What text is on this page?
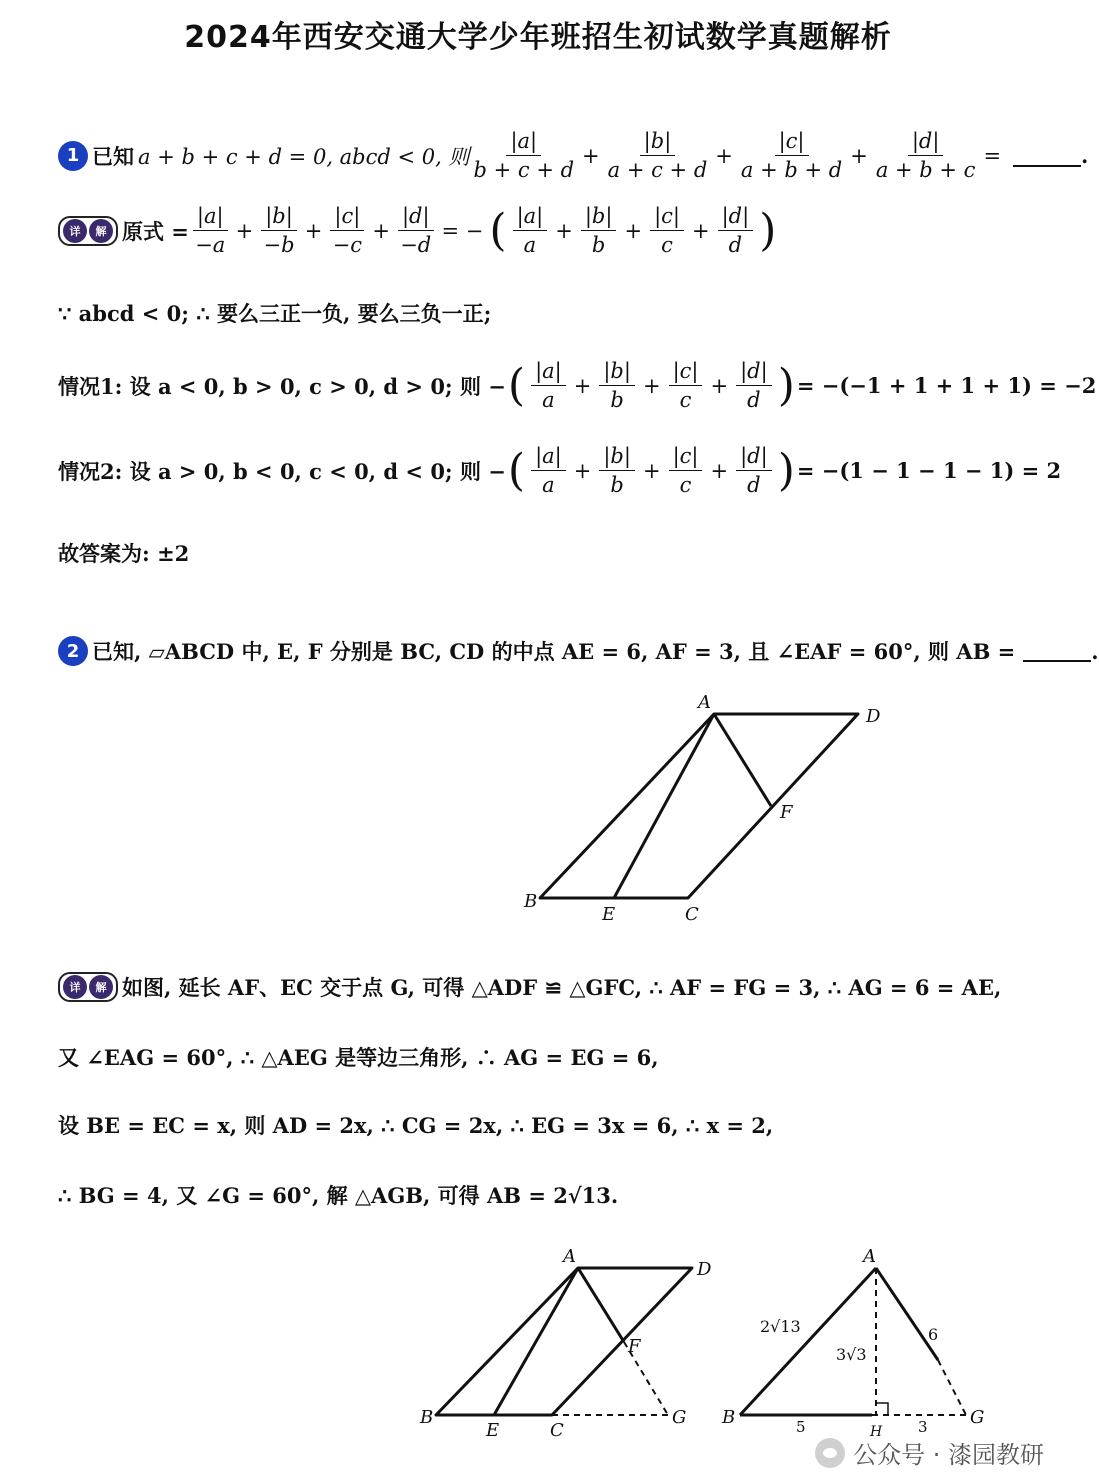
2024年西安交通大学少年班招生初试数学真题解析
1 已知 a + b + c + d = 0, abcd < 0, 则 $\frac{|a|}{b + c + d} + \frac{|b|}{a + c + d} + \frac{|c|}{a + b + d} + \frac{|d|}{a + b + c}$ =	.
详	解 原式 = $\frac{|a|}{-a} + \frac{|b|}{-b} + \frac{|c|}{-c} + \frac{|d|}{-d}$ = − ( $\frac{|a|}{a} + \frac{|b|}{b} + \frac{|c|}{c} + \frac{|d|}{d}$ )
∵ abcd < 0; ∴ 要么三正一负, 要么三负一正;
情况1: 设 a < 0, b > 0, c > 0, d > 0; 则 − ( $\frac{|a|}{a} + \frac{|b|}{b} + \frac{|c|}{c} + \frac{|d|}{d}$ ) = −(−1 + 1 + 1 + 1) = −2
情况2: 设 a > 0, b < 0, c < 0, d < 0; 则 − ( $\frac{|a|}{a} + \frac{|b|}{b} + \frac{|c|}{c} + \frac{|d|}{d}$ ) = −(1 − 1 − 1 − 1) = 2
故答案为: ±2
2 已知, ▱ABCD 中, E, F 分别是 BC, CD 的中点 AE = 6, AF = 3, 且 ∠EAF = 60°, 则 AB =	.
A
D
F
B
E	C
A
D
F
B
E	C
G
A
B	G
H
2√13	6
3√3
5	3
详	解 如图, 延长 AF、EC 交于点 G, 可得 △ADF ≌ △GFC, ∴ AF = FG = 3, ∴ AG = 6 = AE,
又 ∠EAG = 60°, ∴ △AEG 是等边三角形, ∴ AG = EG = 6,
设 BE = EC = x, 则 AD = 2x, ∴ CG = 2x, ∴ EG = 3x = 6, ∴ x = 2,
∴ BG = 4, 又 ∠G = 60°, 解 △AGB, 可得 AB = 2√13.
公众号 · 漆园教研
